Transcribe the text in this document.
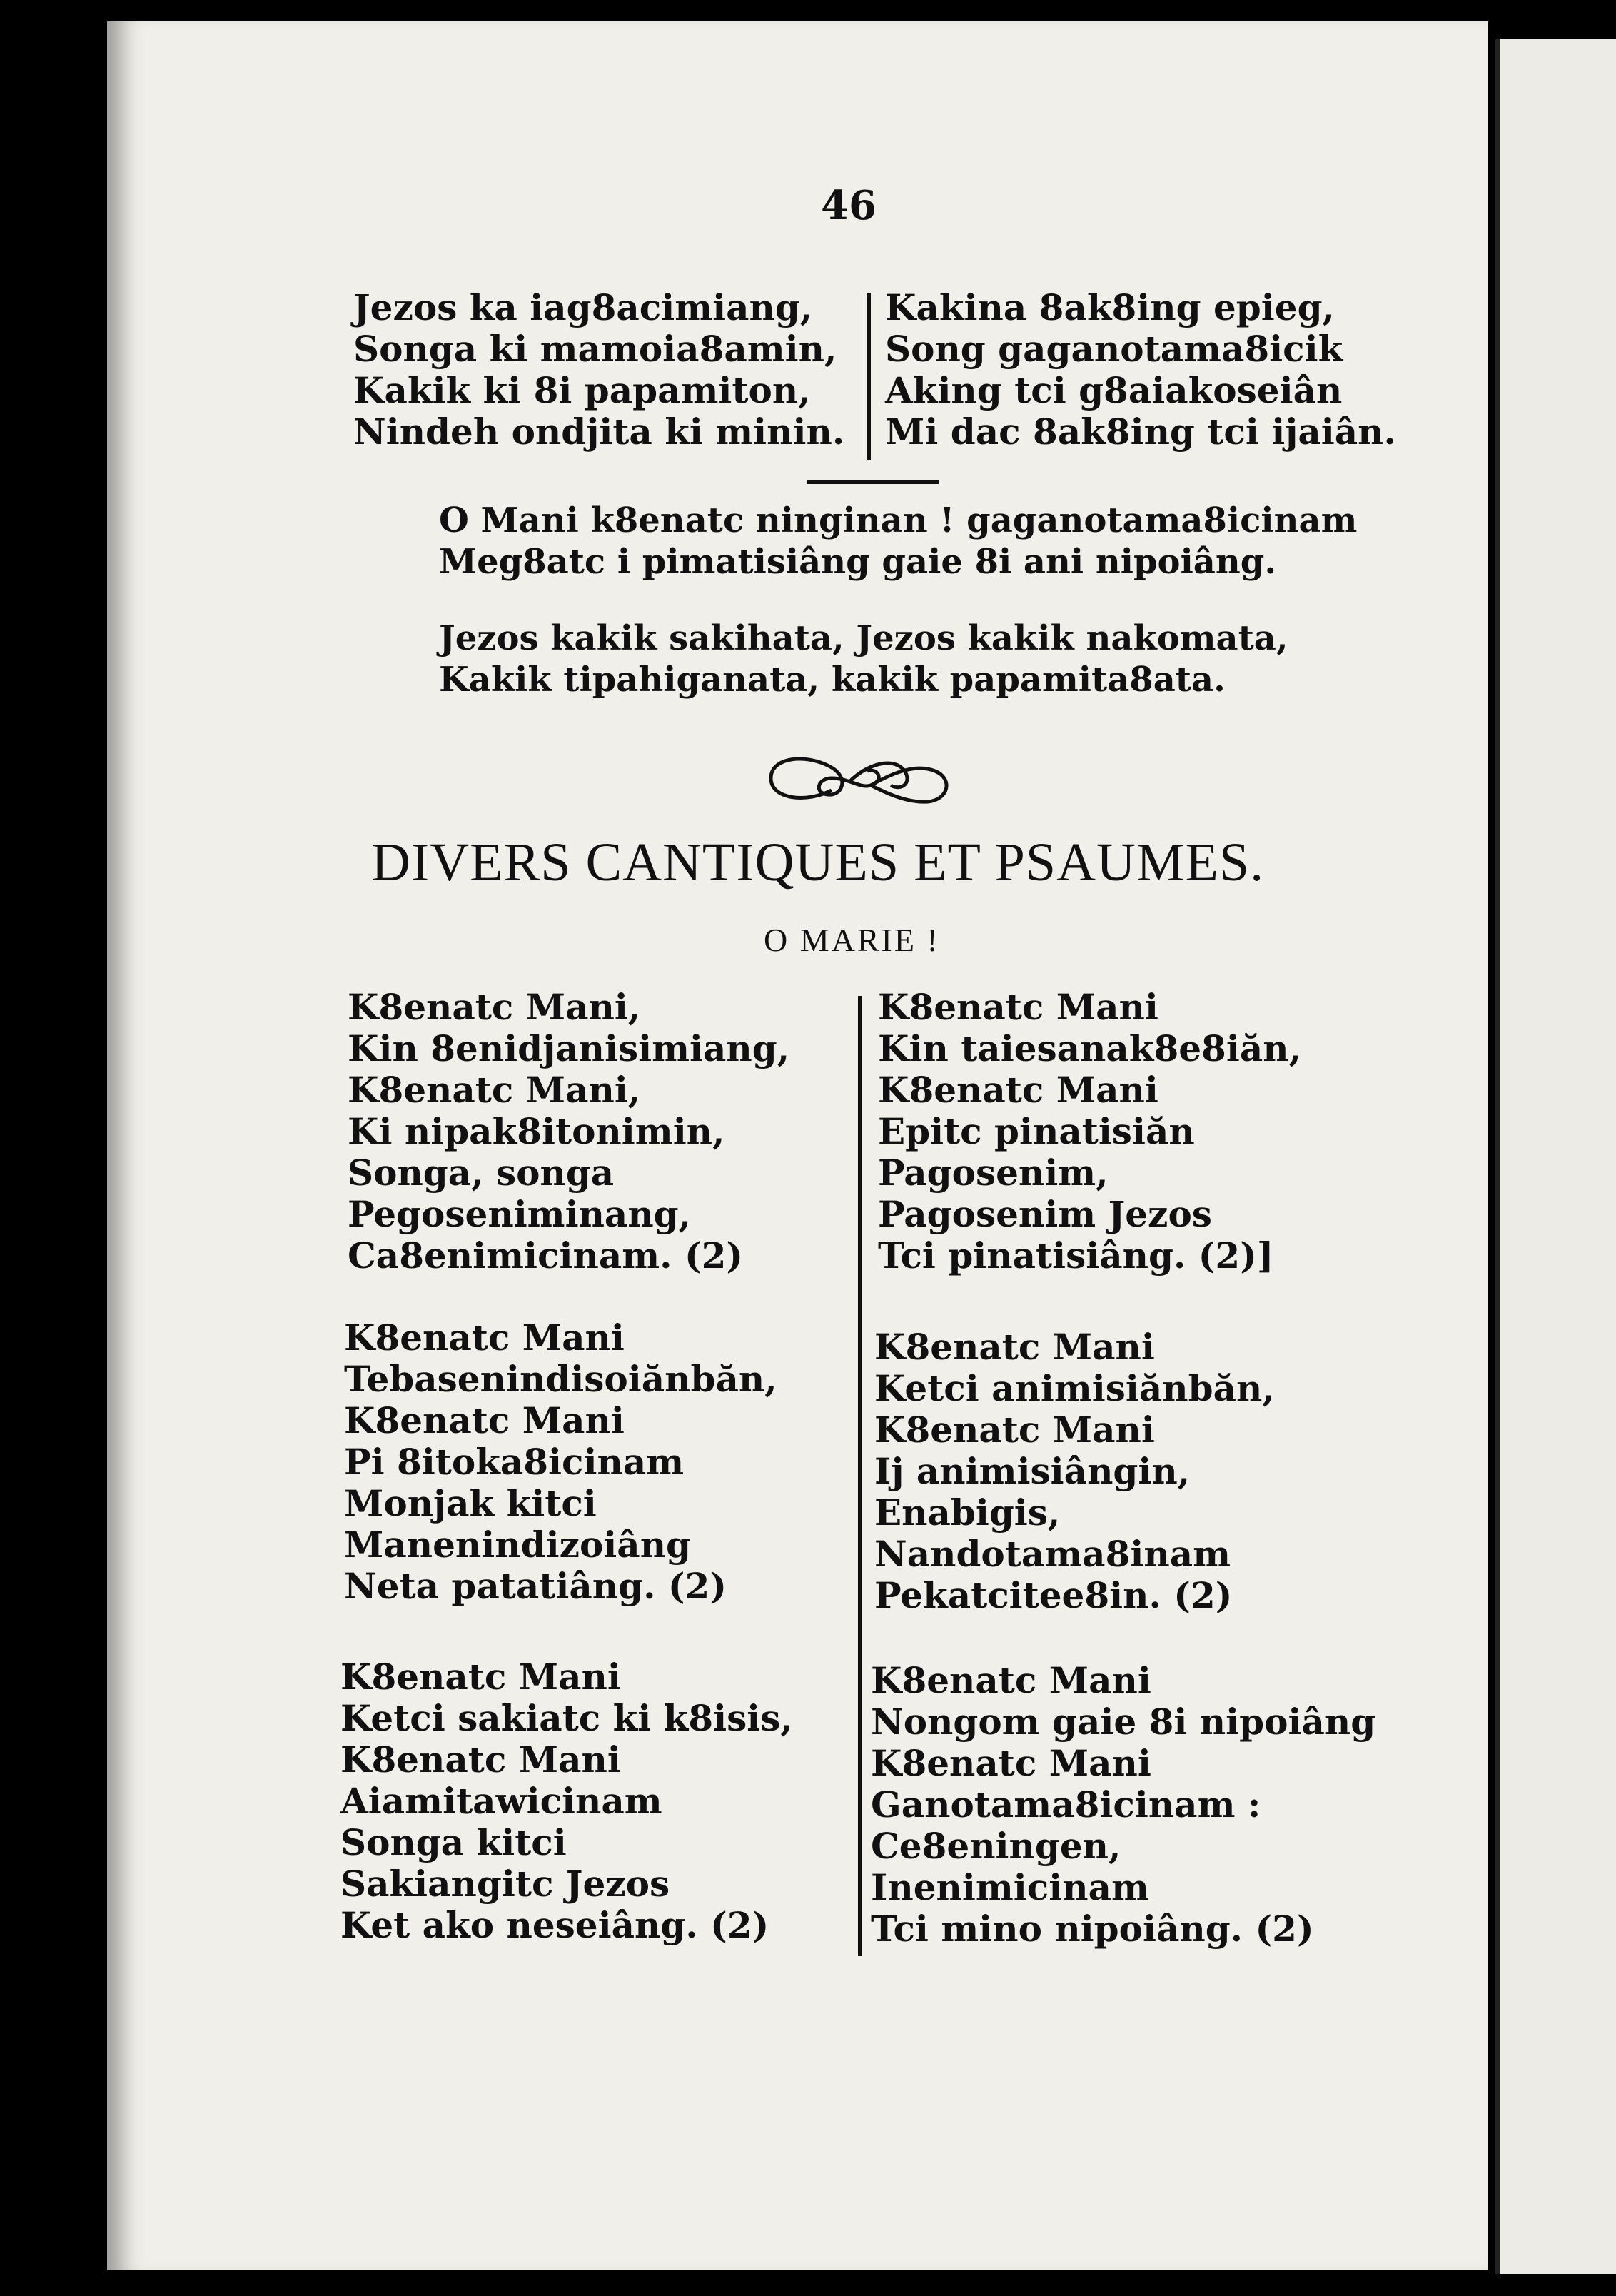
46
Jezos ka iag8acimiang,
Songa ki mamoia8amin,
Kakik ki 8i papamiton,
Nindeh ondjita ki minin.
Kakina 8ak8ing epieg,
Song gaganotama8icik
Aking tci g8aiakoseiân
Mi dac 8ak8ing tci ijaiân.
O Mani k8enatc ninginan ! gaganotama8icinam
Meg8atc i pimatisiâng gaie 8i ani nipoiâng.
Jezos kakik sakihata, Jezos kakik nakomata,
Kakik tipahiganata, kakik papamita8ata.
DIVERS CANTIQUES ET PSAUMES.
O MARIE !
K8enatc Mani,
Kin 8enidjanisimiang,
K8enatc Mani,
Ki nipak8itonimin,
Songa, songa
Pegoseniminang,
Ca8enimicinam. (2)
K8enatc Mani
Kin taiesanak8e8iăn,
K8enatc Mani
Epitc pinatisiăn
Pagosenim,
Pagosenim Jezos
Tci pinatisiâng. (2)]
K8enatc Mani
Tebasenindisoiănbăn,
K8enatc Mani
Pi 8itoka8icinam
Monjak kitci
Manenindizoiâng
Neta patatiâng. (2)
K8enatc Mani
Ketci animisiănbăn,
K8enatc Mani
Ij animisiângin,
Enabigis,
Nandotama8inam
Pekatcitee8in. (2)
K8enatc Mani
Ketci sakiatc ki k8isis,
K8enatc Mani
Aiamitawicinam
Songa kitci
Sakiangitc Jezos
Ket ako neseiâng. (2)
K8enatc Mani
Nongom gaie 8i nipoiâng
K8enatc Mani
Ganotama8icinam :
Ce8eningen,
Inenimicinam
Tci mino nipoiâng. (2)
